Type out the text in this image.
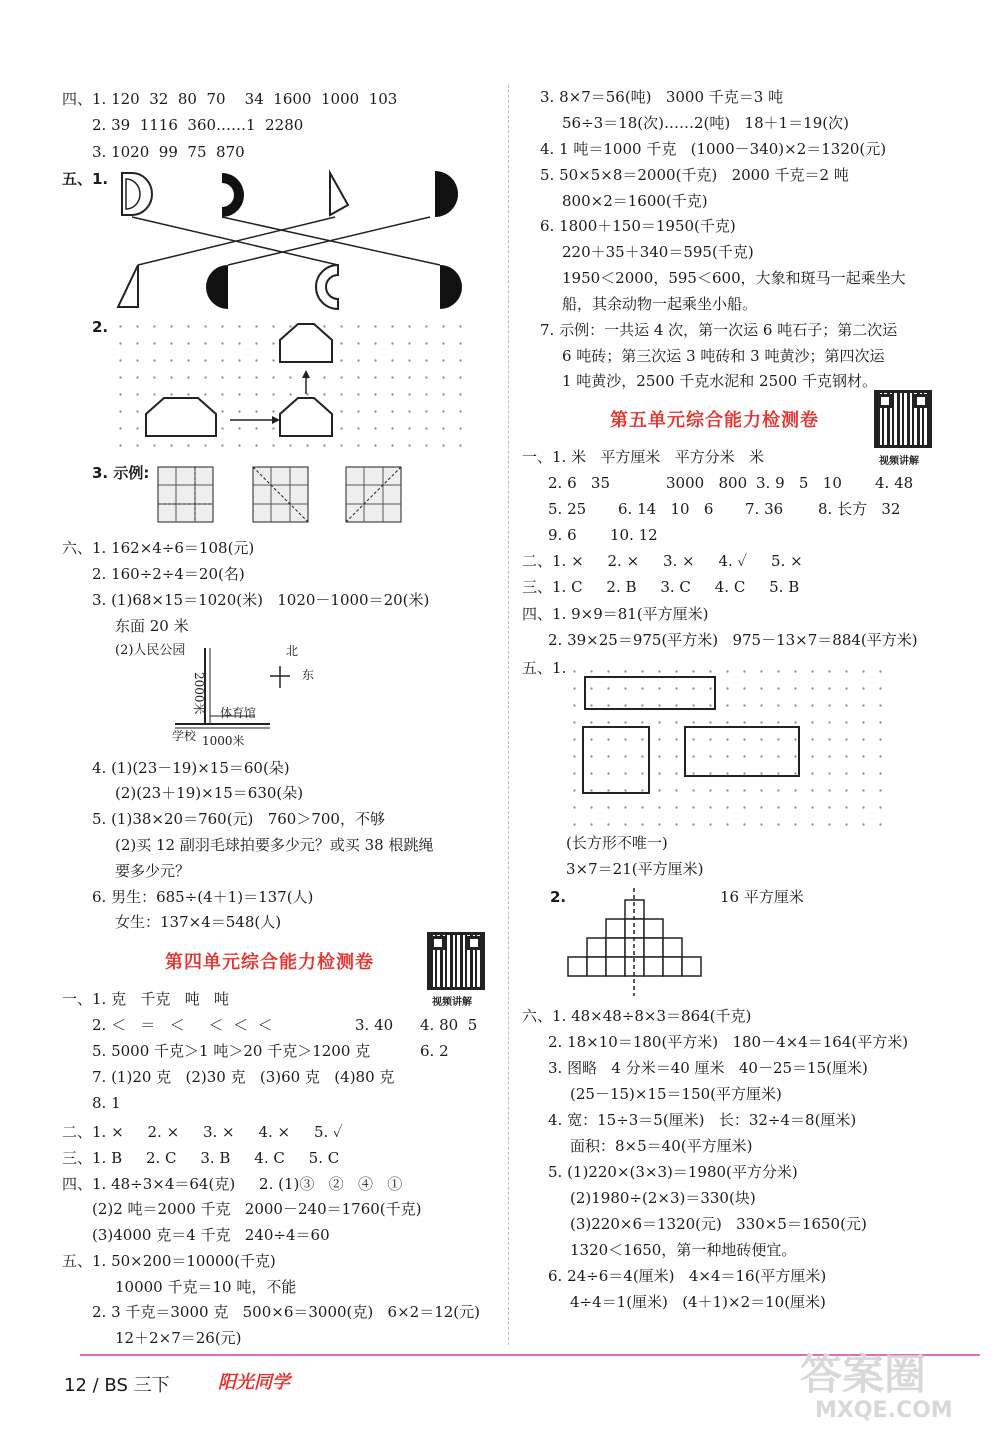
四、1. 120  32  80  70    34  1600  1000  103
2. 39  1116  360……1  2280
3. 1020  99  75  870
五、1.
2.
3. 示例:
六、1. 162×4÷6＝108(元)
2. 160÷2÷4＝20(名)
3. (1)68×15＝1020(米)   1020－1000＝20(米)
东面 20 米
(2)人民公园
2000米
北
东
体育馆
学校 1000米
4. (1)(23－19)×15＝60(朵)
(2)(23＋19)×15＝630(朵)
5. (1)38×20＝760(元)   760＞700，不够
(2)买 12 副羽毛球拍要多少元？或买 38 根跳绳
要多少元？
6. 男生：685÷(4＋1)＝137(人)
女生：137×4＝548(人)
第四单元综合能力检测卷
视频讲解
一、1. 克   千克   吨   吨
2. ＜   ＝   ＜     ＜  ＜  ＜	3. 40 4. 80  5
5. 5000 千克＞1 吨＞20 千克＞1200 克	6. 2
7. (1)20 克   (2)30 克   (3)60 克   (4)80 克
8. 1
二、1. ×     2. ×     3. ×     4. ×     5. ✓
三、1. B     2. C     3. B     4. C     5. C
四、1. 48÷3×4＝64(克)     2. (1)③   ②   ④   ①
(2)2 吨＝2000 千克   2000－240＝1760(千克)
(3)4000 克＝4 千克   240÷4＝60
五、1. 50×200＝10000(千克)
10000 千克＝10 吨，不能
2. 3 千克＝3000 克   500×6＝3000(克)   6×2＝12(元)
12＋2×7＝26(元)
3. 8×7＝56(吨)   3000 千克＝3 吨
56÷3＝18(次)……2(吨)   18＋1＝19(次)
4. 1 吨＝1000 千克   (1000－340)×2＝1320(元)
5. 50×5×8＝2000(千克)   2000 千克＝2 吨
800×2＝1600(千克)
6. 1800＋150＝1950(千克)
220＋35＋340＝595(千克)
1950＜2000，595＜600，大象和斑马一起乘坐大
船，其余动物一起乘坐小船。
7. 示例：一共运 4 次，第一次运 6 吨石子；第二次运
6 吨砖；第三次运 3 吨砖和 3 吨黄沙；第四次运
1 吨黄沙，2500 千克水泥和 2500 千克钢材。
第五单元综合能力检测卷
视频讲解
一、1. 米   平方厘米   平方分米   米
2. 6   35	3000   800 3. 9   5   10 4. 48
5. 25 6. 14   10   6 7. 36 8. 长方   32
9. 6 10. 12
二、1. ×     2. ×     3. ×     4. ✓     5. ×
三、1. C     2. B     3. C     4. C     5. B
四、1. 9×9＝81(平方厘米)
2. 39×25＝975(平方米)   975－13×7＝884(平方米)
五、1.
(长方形不唯一)
3×7＝21(平方厘米)
2.	16 平方厘米
六、1. 48×48÷8×3＝864(千克)
2. 18×10＝180(平方米)   180－4×4＝164(平方米)
3. 图略   4 分米＝40 厘米   40－25＝15(厘米)
(25－15)×15＝150(平方厘米)
4. 宽：15÷3＝5(厘米)   长：32÷4＝8(厘米)
面积：8×5＝40(平方厘米)
5. (1)220×(3×3)＝1980(平方分米)
(2)1980÷(2×3)＝330(块)
(3)220×6＝1320(元)   330×5＝1650(元)
1320＜1650，第一种地砖便宜。
6. 24÷6＝4(厘米)   4×4＝16(平方厘米)
4÷4＝1(厘米)   (4＋1)×2＝10(厘米)
12 / BS 三下	阳光同学	答案圈
MXQE.COM
